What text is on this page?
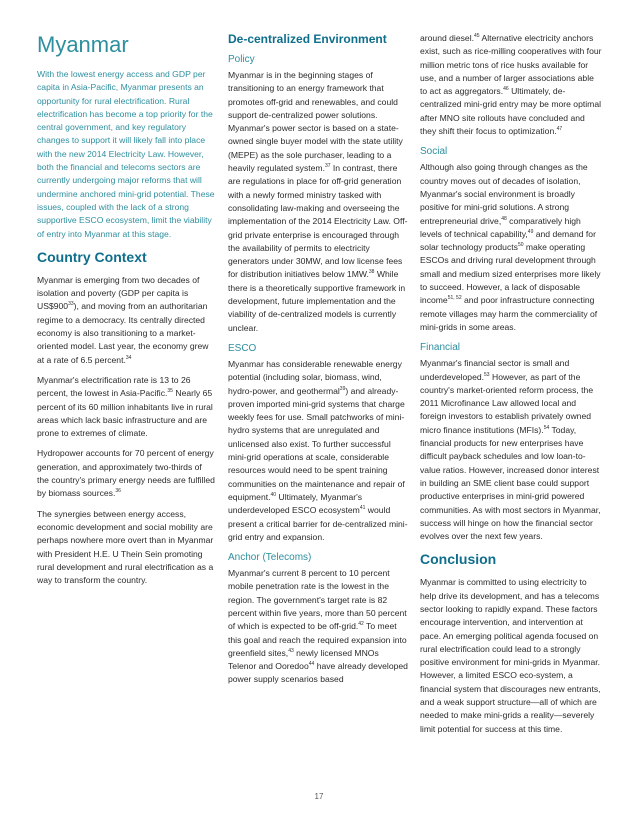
Myanmar

With the lowest energy access and GDP per capita in Asia-Pacific, Myanmar presents an opportunity for rural electrification. Rural electrification has become a top priority for the central government, and key regulatory changes to support it will likely fall into place with the new 2014 Electricity Law. However, both the financial and telecoms sectors are currently undergoing major reforms that will undermine anchored mini-grid potential. These issues, coupled with the lack of a strong supportive ESCO ecosystem, limit the viability of entry into Myanmar at this stage.

Country Context

Myanmar is emerging from two decades of isolation and poverty (GDP per capita is $US\$900^{33}$), and moving from an authoritarian regime to a democracy. Its centrally directed economy is also transitioning to a market-oriented model. Last year, the economy grew at a rate of 6.5 percent.$^{34}$

Myanmar's electrification rate is 13 to 26 percent, the lowest in Asia-Pacific.$^{35}$ Nearly 65 percent of its 60 million inhabitants live in rural areas which lack basic infrastructure and are prone to extremes of climate.

Hydropower accounts for 70 percent of energy generation, and approximately two-thirds of the country's primary energy needs are fulfilled by biomass sources.$^{36}$

The synergies between energy access, economic development and social mobility are perhaps nowhere more overt than in Myanmar with President H.E. U Thein Sein promoting rural development and rural electrification as a way to transform the country.

De-centralized Environment
Policy

Myanmar is in the beginning stages of transitioning to an energy framework that promotes off-grid and renewables, and could support de-centralized power solutions. Myanmar's power sector is based on a state-owned single buyer model with the state utility (MEPE) as the sole purchaser, leading to a heavily regulated system.$^{37}$ In contrast, there are regulations in place for off-grid generation with a newly formed ministry tasked with consolidating law-making and overseeing the implementation of the 2014 Electricity Law. Off-grid private enterprise is encouraged through the availability of permits to electricity generators under 30MW, and low license fees for distribution initiatives below 1MW.$^{38}$ While there is a theoretically supportive framework in development, future implementation and the viability of de-centralized models is currently unclear.

ESCO

Myanmar has considerable renewable energy potential (including solar, biomass, wind, hydro-power, and geothermal$^{39}$) and already-proven imported mini-grid systems that charge weekly fees for use. Small patchworks of mini-hydro systems that are unregulated and unlicensed also exist. To further successful mini-grid operations at scale, considerable resources would need to be spent training communities on the maintenance and repair of equipment.$^{40}$ Ultimately, Myanmar's underdeveloped ESCO ecosystem$^{41}$ would present a critical barrier for de-centralized mini-grid entry and expansion.

Anchor (Telecoms)

Myanmar's current 8 percent to 10 percent mobile penetration rate is the lowest in the region. The government's target rate is 82 percent within five years, more than 50 percent of which is expected to be off-grid.$^{42}$ To meet this goal and reach the required expansion into greenfield sites,$^{43}$ newly licensed MNOs Telenor and Ooredoo$^{44}$ have already developed power supply scenarios based

around diesel.$^{45}$ Alternative electricity anchors exist, such as rice-milling cooperatives with four million metric tons of rice husks available for use, and a number of larger associations able to act as aggregators.$^{46}$ Ultimately, de-centralized mini-grid entry may be more optimal after MNO site rollouts have concluded and they shift their focus to optimization.$^{47}$

Social

Although also going through changes as the country moves out of decades of isolation, Myanmar's social environment is broadly positive for mini-grid solutions. A strong entrepreneurial drive,$^{48}$ comparatively high levels of technical capability,$^{49}$ and demand for solar technology products$^{50}$ make operating ESCOs and driving rural development through small and medium sized enterprises more likely to succeed. However, a lack of disposable income$^{51, 52}$ and poor infrastructure connecting remote villages may harm the commerciality of mini-grids in some areas.

Financial

Myanmar's financial sector is small and underdeveloped.$^{53}$ However, as part of the country's market-oriented reform process, the 2011 Microfinance Law allowed local and foreign investors to establish privately owned micro finance institutions (MFIs).$^{54}$ Today, financial products for new enterprises have difficult payback schedules and low loan-to-value ratios. However, increased donor interest in building an SME client base could support productive enterprises in mini-grid powered communities. As with most sectors in Myanmar, success will hinge on how the financial sector evolves over the next few years.

Conclusion

Myanmar is committed to using electricity to help drive its development, and has a telecoms sector looking to rapidly expand. These factors encourage intervention, and intervention at pace. An emerging political agenda focused on rural electrification could lead to a strongly positive environment for mini-grids in Myanmar. However, a limited ESCO eco-system, a financial system that discourages new entrants, and a weak support structure—all of which are needed to make mini-grids a reality—severely limit potential for success at this time.

17
